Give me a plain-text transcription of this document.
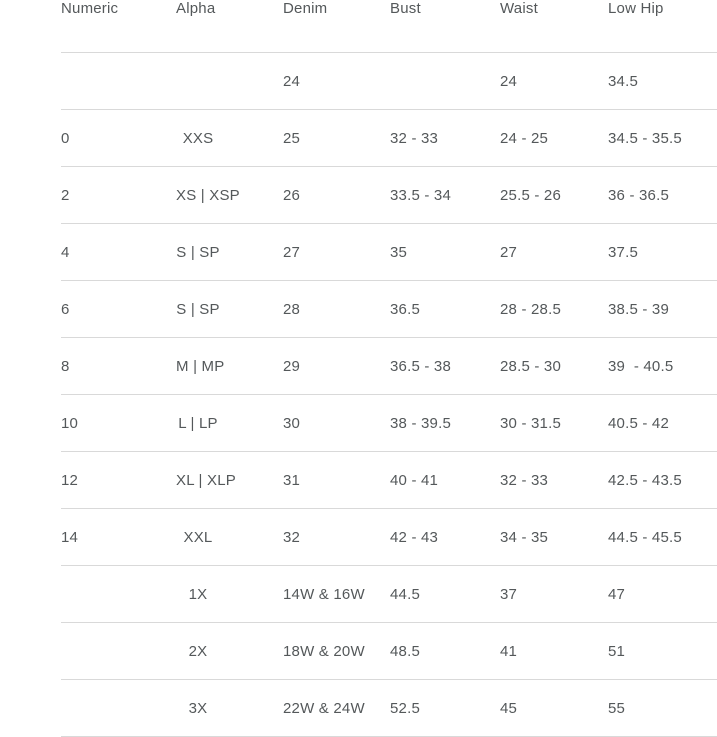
Numeric	Alpha	Denim	Bust	Waist	Low Hip
		24		24	34.5
0	XXS	25	32 - 33	24 - 25	34.5 - 35.5
2	XS | XSP	26	33.5 - 34	25.5 - 26	36 - 36.5
4	S | SP	27	35	27	37.5
6	S | SP	28	36.5	28 - 28.5	38.5 - 39
8	M | MP	29	36.5 - 38	28.5 - 30	39  - 40.5
10	L | LP	30	38 - 39.5	30 - 31.5	40.5 - 42
12	XL | XLP	31	40 - 41	32 - 33	42.5 - 43.5
14	XXL	32	42 - 43	34 - 35	44.5 - 45.5
	1X	14W & 16W	44.5	37	47
	2X	18W & 20W	48.5	41	51
	3X	22W & 24W	52.5	45	55
